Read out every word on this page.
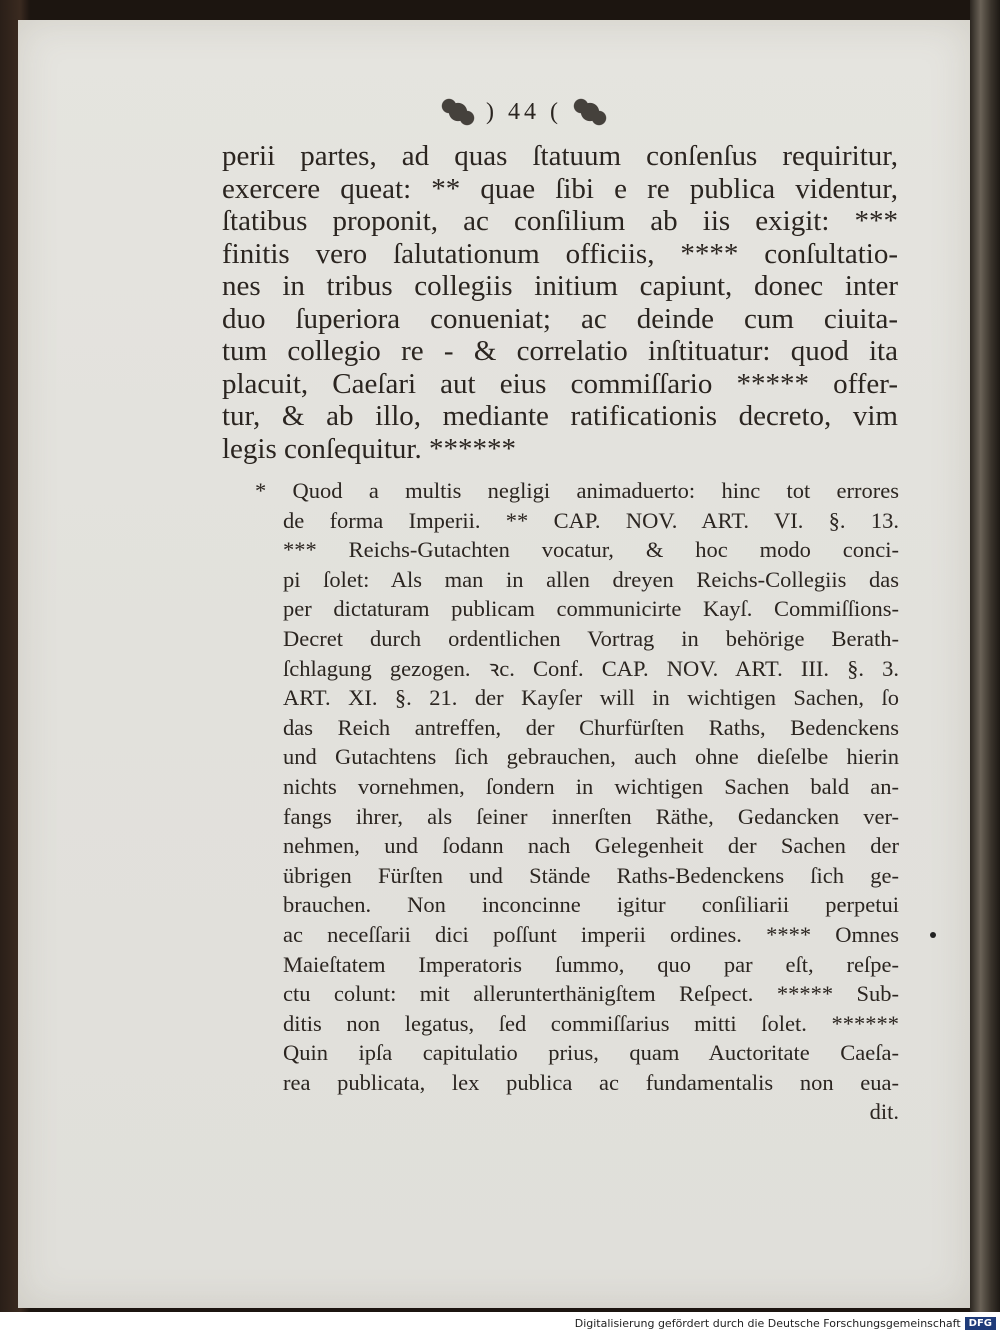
) 44 (
perii partes, ad quas ſtatuum conſenſus requiritur,
exercere queat: ** quae ſibi e re publica videntur,
ſtatibus proponit, ac conſilium ab iis exigit: ***
finitis vero ſalutationum officiis, **** conſultatio-
nes in tribus collegiis initium capiunt, donec inter
duo ſuperiora conueniat; ac deinde cum ciuita-
tum collegio re - & correlatio inſtituatur: quod ita
placuit, Caeſari aut eius commiſſario ***** offer-
tur, & ab illo, mediante ratificationis decreto, vim
legis conſequitur. ******
* Quod a multis negligi animaduerto: hinc tot errores
de forma Imperii. ** CAP. NOV. ART. VI. §. 13.
*** Reichs-Gutachten vocatur, & hoc modo conci-
pi ſolet: Als man in allen dreyen Reichs-Collegiis das
per dictaturam publicam communicirte Kayſ. Commiſſions-
Decret durch ordentlichen Vortrag in behörige Berath-
ſchlagung gezogen. ꝛc. Conf. CAP. NOV. ART. III. §. 3.
ART. XI. §. 21. der Kayſer will in wichtigen Sachen, ſo
das Reich antreffen, der Churfürſten Raths, Bedenckens
und Gutachtens ſich gebrauchen, auch ohne dieſelbe hierin
nichts vornehmen, ſondern in wichtigen Sachen bald an-
fangs ihrer, als ſeiner innerſten Räthe, Gedancken ver-
nehmen, und ſodann nach Gelegenheit der Sachen der
übrigen Fürſten und Stände Raths-Bedenckens ſich ge-
brauchen. Non inconcinne igitur conſiliarii perpetui
ac neceſſarii dici poſſunt imperii ordines. **** Omnes
Maieſtatem Imperatoris ſummo, quo par eſt, reſpe-
ctu colunt: mit allerunterthänigſtem Reſpect. ***** Sub-
ditis non legatus, ſed commiſſarius mitti ſolet. ******
Quin ipſa capitulatio prius, quam Auctoritate Caeſa-
rea publicata, lex publica ac fundamentalis non eua-
dit.
Digitalisierung gefördert durch die Deutsche Forschungsgemeinschaft DFG
